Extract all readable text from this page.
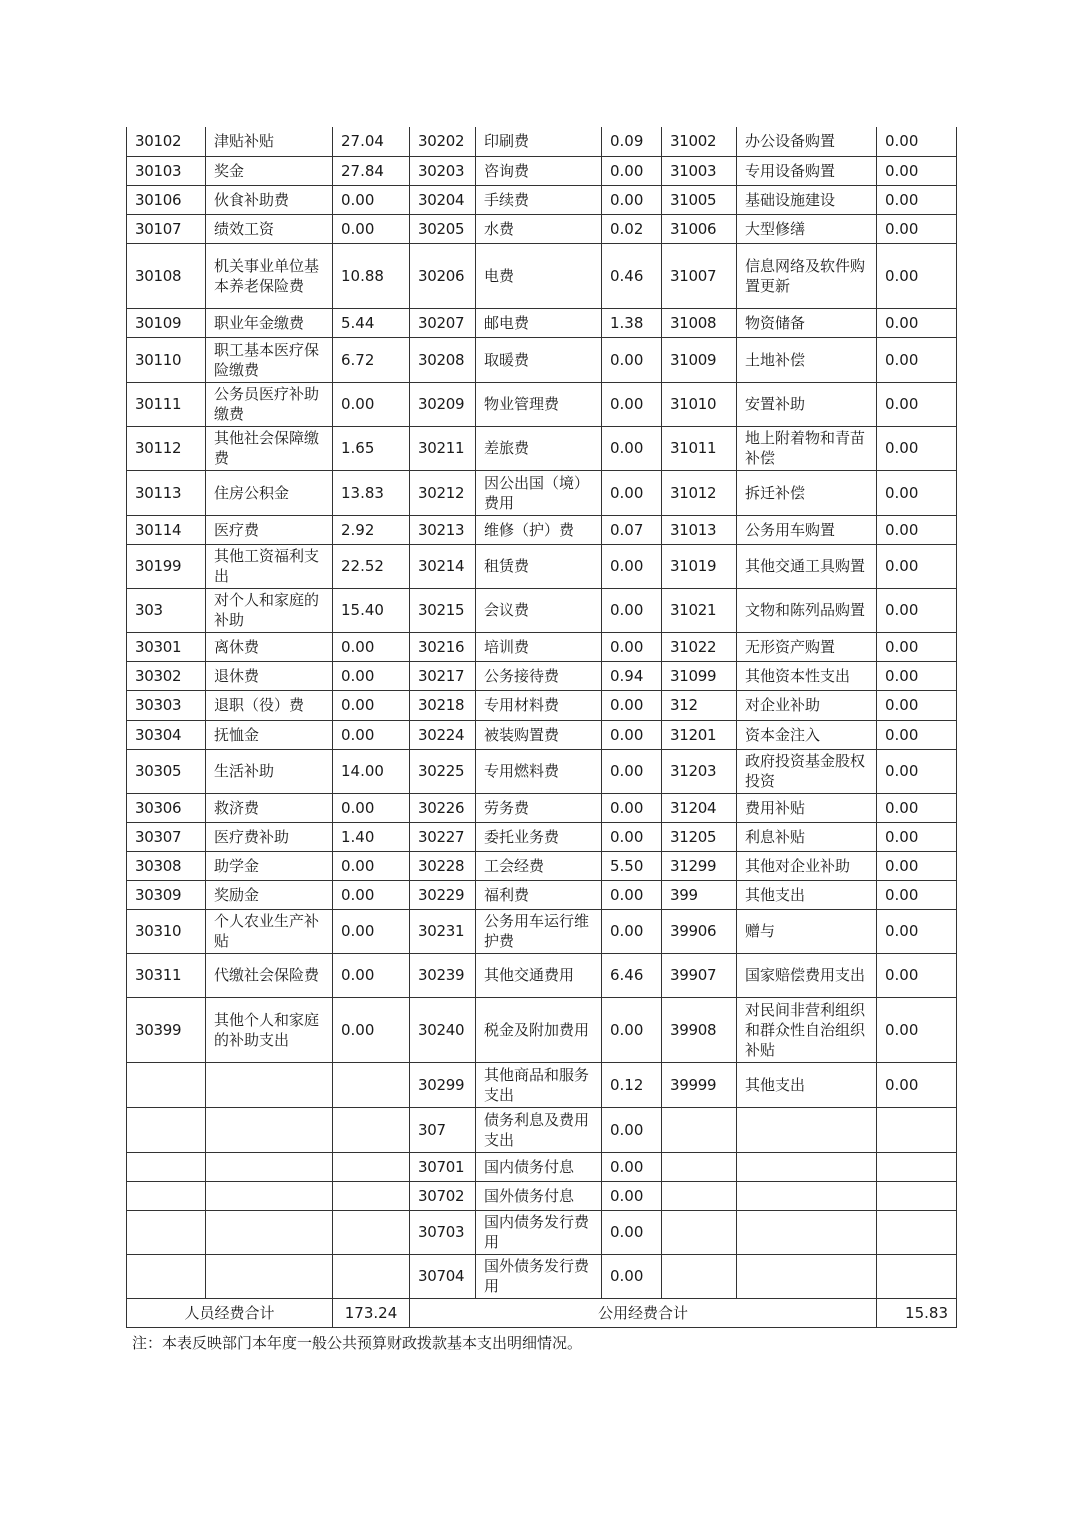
30102	津贴补贴	27.04	30202	印刷费	0.09	31002	办公设备购置	0.00
30103	奖金	27.84	30203	咨询费	0.00	31003	专用设备购置	0.00
30106	伙食补助费	0.00	30204	手续费	0.00	31005	基础设施建设	0.00
30107	绩效工资	0.00	30205	水费	0.02	31006	大型修缮	0.00
30108	机关事业单位基本养老保险费	10.88	30206	电费	0.46	31007	信息网络及软件购置更新	0.00
30109	职业年金缴费	5.44	30207	邮电费	1.38	31008	物资储备	0.00
30110	职工基本医疗保险缴费	6.72	30208	取暖费	0.00	31009	土地补偿	0.00
30111	公务员医疗补助缴费	0.00	30209	物业管理费	0.00	31010	安置补助	0.00
30112	其他社会保障缴费	1.65	30211	差旅费	0.00	31011	地上附着物和青苗补偿	0.00
30113	住房公积金	13.83	30212	因公出国（境）费用	0.00	31012	拆迁补偿	0.00
30114	医疗费	2.92	30213	维修（护）费	0.07	31013	公务用车购置	0.00
30199	其他工资福利支出	22.52	30214	租赁费	0.00	31019	其他交通工具购置	0.00
303	对个人和家庭的补助	15.40	30215	会议费	0.00	31021	文物和陈列品购置	0.00
30301	离休费	0.00	30216	培训费	0.00	31022	无形资产购置	0.00
30302	退休费	0.00	30217	公务接待费	0.94	31099	其他资本性支出	0.00
30303	退职（役）费	0.00	30218	专用材料费	0.00	312	对企业补助	0.00
30304	抚恤金	0.00	30224	被装购置费	0.00	31201	资本金注入	0.00
30305	生活补助	14.00	30225	专用燃料费	0.00	31203	政府投资基金股权投资	0.00
30306	救济费	0.00	30226	劳务费	0.00	31204	费用补贴	0.00
30307	医疗费补助	1.40	30227	委托业务费	0.00	31205	利息补贴	0.00
30308	助学金	0.00	30228	工会经费	5.50	31299	其他对企业补助	0.00
30309	奖励金	0.00	30229	福利费	0.00	399	其他支出	0.00
30310	个人农业生产补贴	0.00	30231	公务用车运行维护费	0.00	39906	赠与	0.00
30311	代缴社会保险费	0.00	30239	其他交通费用	6.46	39907	国家赔偿费用支出	0.00
30399	其他个人和家庭的补助支出	0.00	30240	税金及附加费用	0.00	39908	对民间非营利组织和群众性自治组织补贴	0.00
			30299	其他商品和服务支出	0.12	39999	其他支出	0.00
			307	债务利息及费用支出	0.00			
			30701	国内债务付息	0.00			
			30702	国外债务付息	0.00			
			30703	国内债务发行费用	0.00			
			30704	国外债务发行费用	0.00			
人员经费合计		173.24	公用经费合计					15.83
注：本表反映部门本年度一般公共预算财政拨款基本支出明细情况。
